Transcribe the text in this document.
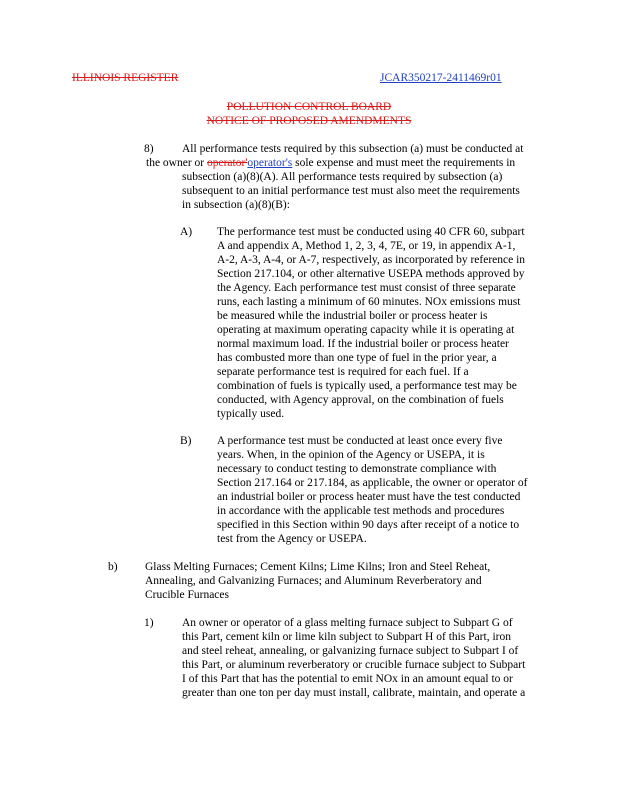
ILLINOIS REGISTER	JCAR350217-2411469r01
POLLUTION CONTROL BOARD
NOTICE OF PROPOSED AMENDMENTS
8) All performance tests required by this subsection (a) must be conducted at
the owner or operator'operator's sole expense and must meet the requirements in
subsection (a)(8)(A). All performance tests required by subsection (a)
subsequent to an initial performance test must also meet the requirements
in subsection (a)(8)(B):
A) The performance test must be conducted using 40 CFR 60, subpart
A and appendix A, Method 1, 2, 3, 4, 7E, or 19, in appendix A-1,
A-2, A-3, A-4, or A-7, respectively, as incorporated by reference in
Section 217.104, or other alternative USEPA methods approved by
the Agency. Each performance test must consist of three separate
runs, each lasting a minimum of 60 minutes. NOx emissions must
be measured while the industrial boiler or process heater is
operating at maximum operating capacity while it is operating at
normal maximum load. If the industrial boiler or process heater
has combusted more than one type of fuel in the prior year, a
separate performance test is required for each fuel. If a
combination of fuels is typically used, a performance test may be
conducted, with Agency approval, on the combination of fuels
typically used.
B) A performance test must be conducted at least once every five
years. When, in the opinion of the Agency or USEPA, it is
necessary to conduct testing to demonstrate compliance with
Section 217.164 or 217.184, as applicable, the owner or operator of
an industrial boiler or process heater must have the test conducted
in accordance with the applicable test methods and procedures
specified in this Section within 90 days after receipt of a notice to
test from the Agency or USEPA.
b) Glass Melting Furnaces; Cement Kilns; Lime Kilns; Iron and Steel Reheat,
Annealing, and Galvanizing Furnaces; and Aluminum Reverberatory and
Crucible Furnaces
1) An owner or operator of a glass melting furnace subject to Subpart G of
this Part, cement kiln or lime kiln subject to Subpart H of this Part, iron
and steel reheat, annealing, or galvanizing furnace subject to Subpart I of
this Part, or aluminum reverberatory or crucible furnace subject to Subpart
I of this Part that has the potential to emit NOx in an amount equal to or
greater than one ton per day must install, calibrate, maintain, and operate a
